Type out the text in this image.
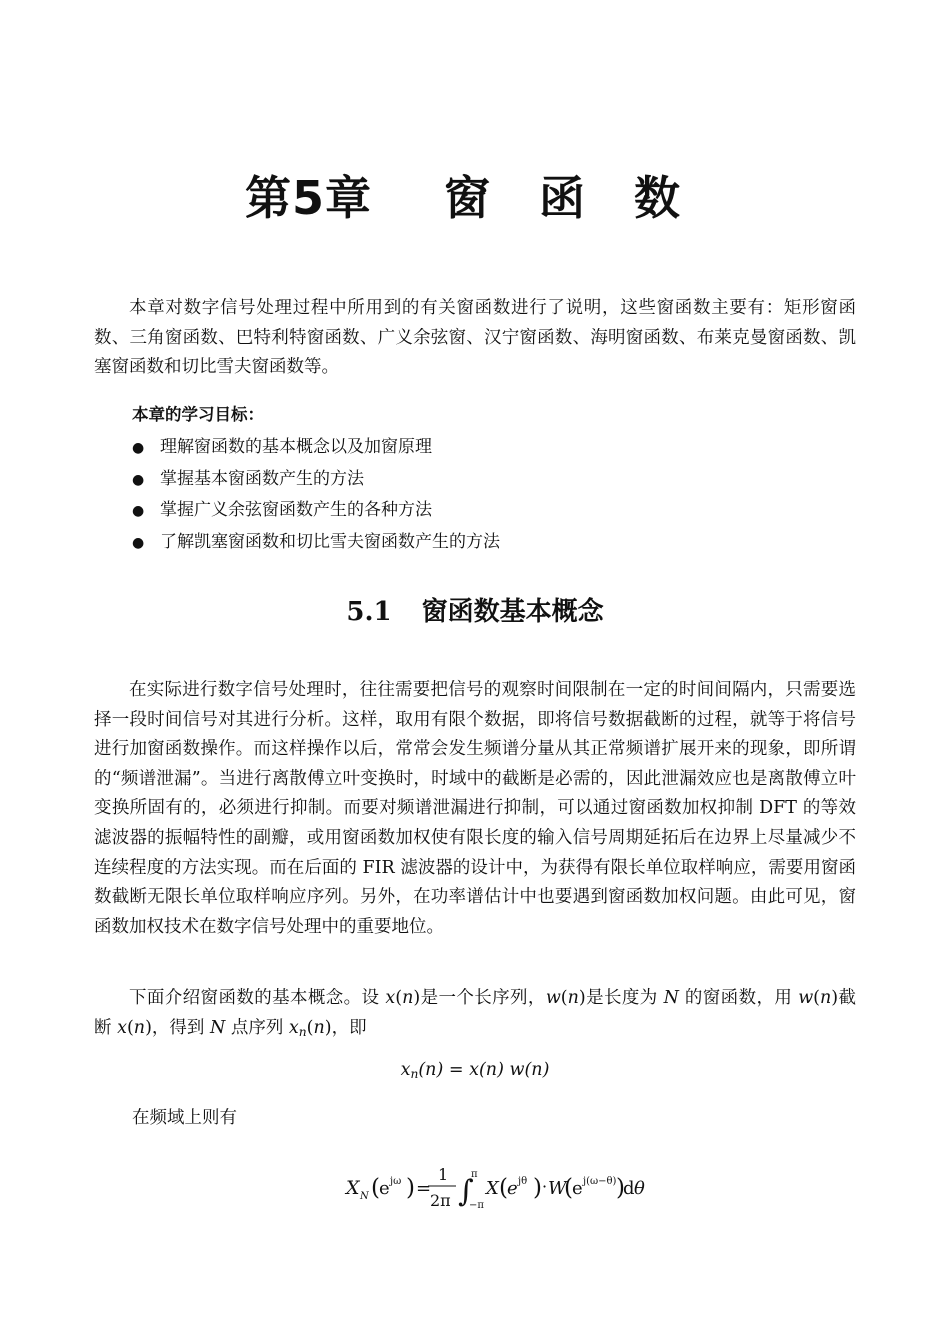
第5章 窗 函 数

本章对数字信号处理过程中所用到的有关窗函数进行了说明，这些窗函数主要有：矩形窗函数、三角窗函数、巴特利特窗函数、广义余弦窗、汉宁窗函数、海明窗函数、布莱克曼窗函数、凯塞窗函数和切比雪夫窗函数等。

本章的学习目标：

● 理解窗函数的基本概念以及加窗原理
● 掌握基本窗函数产生的方法
● 掌握广义余弦窗函数产生的各种方法
● 了解凯塞窗函数和切比雪夫窗函数产生的方法
5.1 窗函数基本概念

在实际进行数字信号处理时，往往需要把信号的观察时间限制在一定的时间间隔内，只需要选择一段时间信号对其进行分析。这样，取用有限个数据，即将信号数据截断的过程，就等于将信号进行加窗函数操作。而这样操作以后，常常会发生频谱分量从其正常频谱扩展开来的现象，即所谓的“频谱泄漏”。当进行离散傅立叶变换时，时域中的截断是必需的，因此泄漏效应也是离散傅立叶变换所固有的，必须进行抑制。而要对频谱泄漏进行抑制，可以通过窗函数加权抑制 DFT 的等效滤波器的振幅特性的副瓣，或用窗函数加权使有限长度的输入信号周期延拓后在边界上尽量减少不连续程度的方法实现。而在后面的 FIR 滤波器的设计中，为获得有限长单位取样响应，需要用窗函数截断无限长单位取样响应序列。另外，在功率谱估计中也要遇到窗函数加权问题。由此可见，窗函数加权技术在数字信号处理中的重要地位。

下面介绍窗函数的基本概念。设 x(n)是一个长序列，w(n)是长度为 N 的窗函数，用 w(n)截断 x(n)，得到 N 点序列 $x_n(n)$，即

$x_n(n) = x(n)$ w(n)

在频域上则有

X N ( e jω ) =
1
2π ∫
π
−π
X ( e jθ ) · W
( e j(ω−θ) )
d θ
